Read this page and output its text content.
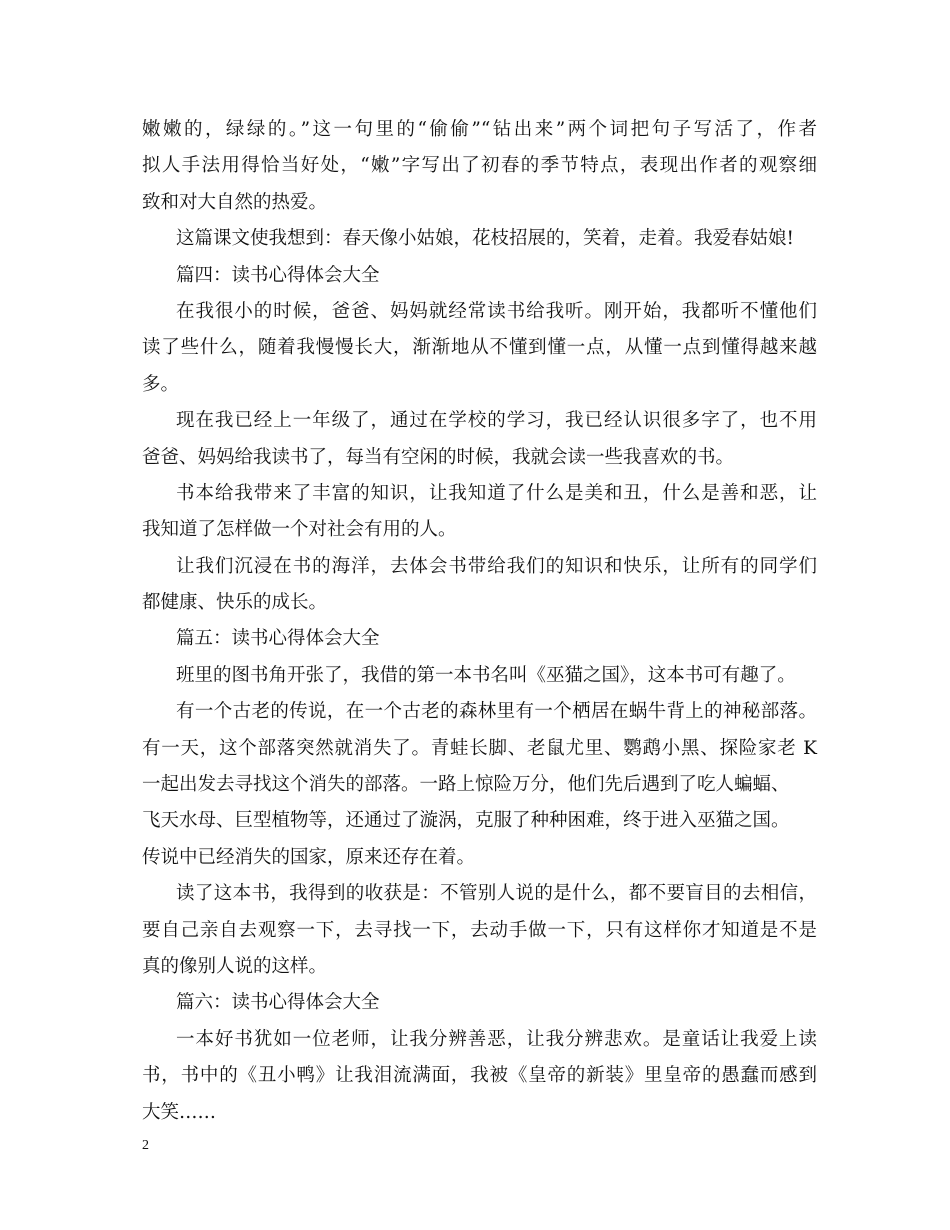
嫩嫩的，绿绿的。”这一句里的“偷偷”“钻出来”两个词把句子写活了，作者
拟人手法用得恰当好处，“嫩”字写出了初春的季节特点，表现出作者的观察细
致和对大自然的热爱。
这篇课文使我想到：春天像小姑娘，花枝招展的，笑着，走着。我爱春姑娘!
篇四：读书心得体会大全
在我很小的时候，爸爸、妈妈就经常读书给我听。刚开始，我都听不懂他们
读了些什么，随着我慢慢长大，渐渐地从不懂到懂一点，从懂一点到懂得越来越
多。
现在我已经上一年级了，通过在学校的学习，我已经认识很多字了，也不用
爸爸、妈妈给我读书了，每当有空闲的时候，我就会读一些我喜欢的书。
书本给我带来了丰富的知识，让我知道了什么是美和丑，什么是善和恶，让
我知道了怎样做一个对社会有用的人。
让我们沉浸在书的海洋，去体会书带给我们的知识和快乐，让所有的同学们
都健康、快乐的成长。
篇五：读书心得体会大全
班里的图书角开张了，我借的第一本书名叫《巫猫之国》，这本书可有趣了。
有一个古老的传说，在一个古老的森林里有一个栖居在蜗牛背上的神秘部落。
有一天，这个部落突然就消失了。青蛙长脚、老鼠尤里、鹦鹉小黑、探险家老 K
一起出发去寻找这个消失的部落。一路上惊险万分，他们先后遇到了吃人蝙蝠、
飞天水母、巨型植物等，还通过了漩涡，克服了种种困难，终于进入巫猫之国。
传说中已经消失的国家，原来还存在着。
读了这本书，我得到的收获是：不管别人说的是什么，都不要盲目的去相信，
要自己亲自去观察一下，去寻找一下，去动手做一下，只有这样你才知道是不是
真的像别人说的这样。
篇六：读书心得体会大全
一本好书犹如一位老师，让我分辨善恶，让我分辨悲欢。是童话让我爱上读
书，书中的《丑小鸭》让我泪流满面，我被《皇帝的新装》里皇帝的愚蠢而感到
大笑……
2
